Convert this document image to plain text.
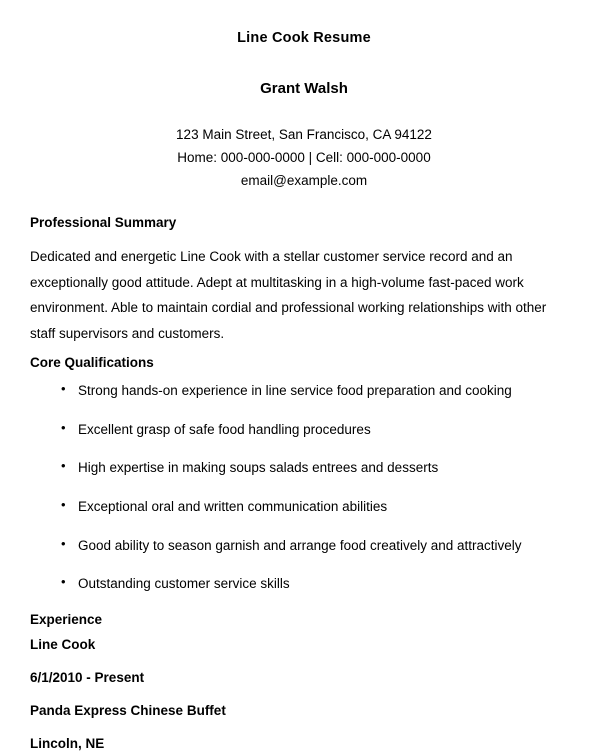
Line Cook Resume
Grant Walsh
123 Main Street, San Francisco, CA 94122
Home: 000-000-0000 | Cell: 000-000-0000
email@example.com
Professional Summary
Dedicated and energetic Line Cook with a stellar customer service record and an exceptionally good attitude. Adept at multitasking in a high-volume fast-paced work environment. Able to maintain cordial and professional working relationships with other staff supervisors and customers.
Core Qualifications
• Strong hands-on experience in line service food preparation and cooking
• Excellent grasp of safe food handling procedures
• High expertise in making soups salads entrees and desserts
• Exceptional oral and written communication abilities
• Good ability to season garnish and arrange food creatively and attractively
• Outstanding customer service skills
Experience
Line Cook
6/1/2010 - Present
Panda Express Chinese Buffet
Lincoln, NE
